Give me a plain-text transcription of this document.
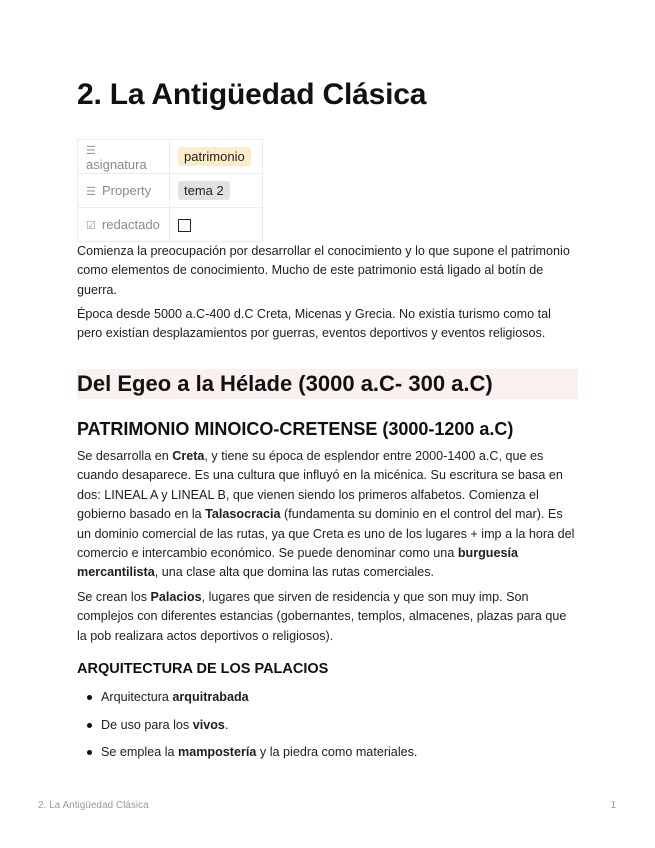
2. La Antigüedad Clásica
☰asignatura	patrimonio
☰ Property	tema 2
☑ redactado	

Comienza la preocupación por desarrollar el conocimiento y lo que supone el patrimonio como elementos de conocimiento. Mucho de este patrimonio está ligado al botín de guerra.

Época desde 5000 a.C-400 d.C Creta, Micenas y Grecia. No existía turismo como tal pero existían desplazamientos por guerras, eventos deportivos y eventos religiosos.

Del Egeo a la Hélade (3000 a.C- 300 a.C)
PATRIMONIO MINOICO-CRETENSE (3000-1200 a.C)

Se desarrolla en Creta, y tiene su época de esplendor entre 2000-1400 a.C, que es cuando desaparece. Es una cultura que influyó en la micénica. Su escritura se basa en dos: LINEAL A y LINEAL B, que vienen siendo los primeros alfabetos. Comienza el gobierno basado en la Talasocracia (fundamenta su dominio en el control del mar). Es un dominio comercial de las rutas, ya que Creta es uno de los lugares + imp a la hora del comercio e intercambio económico. Se puede denominar como una burguesía mercantilista, una clase alta que domina las rutas comerciales.

Se crean los Palacios, lugares que sirven de residencia y que son muy imp. Son complejos con diferentes estancias (gobernantes, templos, almacenes, plazas para que la pob realizara actos deportivos o religiosos).

ARQUITECTURA DE LOS PALACIOS
Arquitectura arquitrabada
De uso para los vivos.
Se emplea la mampostería y la piedra como materiales.
2. La Antigüedad Clásica	1
